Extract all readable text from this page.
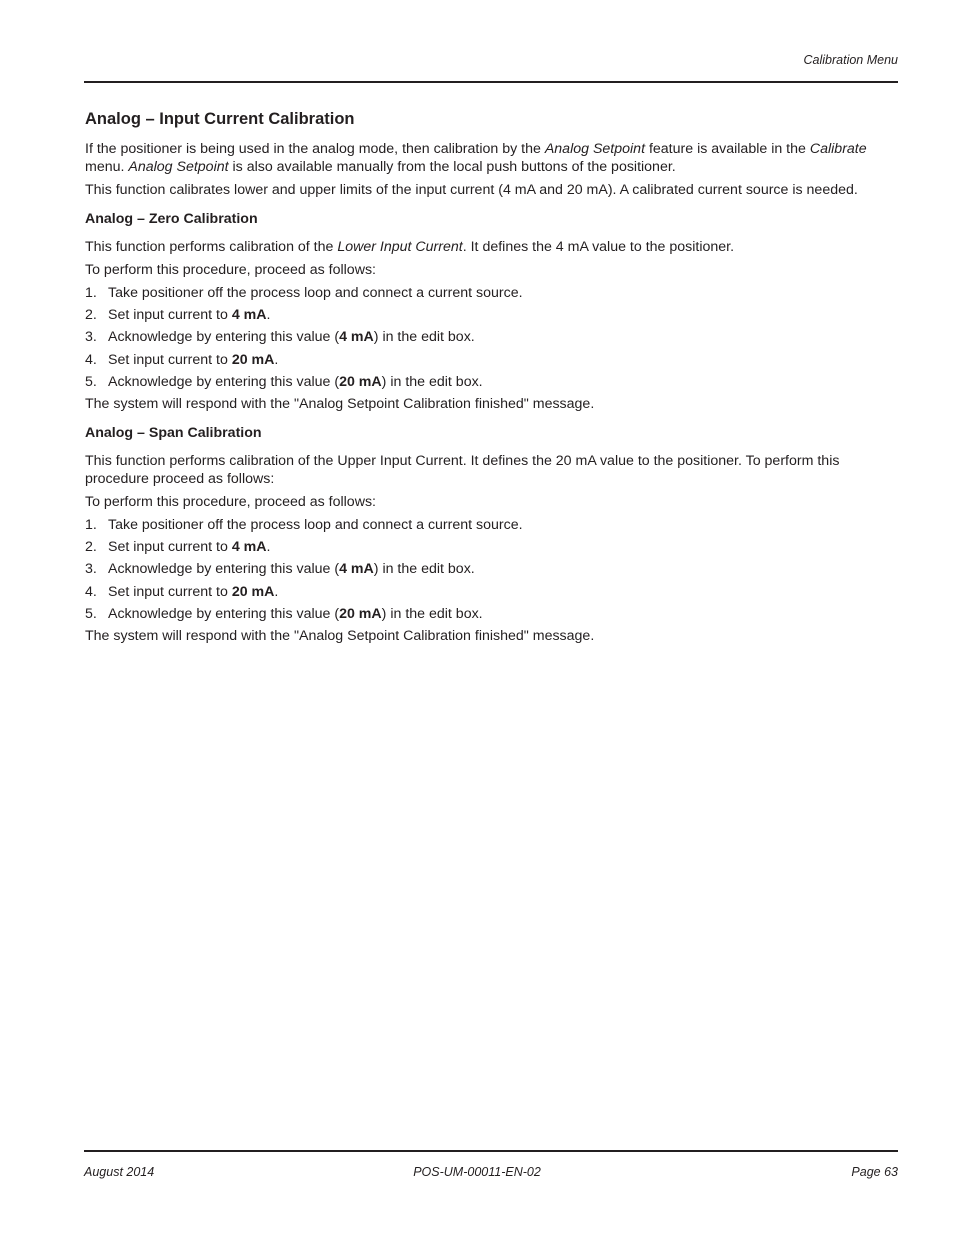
Calibration Menu
Analog – Input Current Calibration

If the positioner is being used in the analog mode, then calibration by the Analog Setpoint feature is available in the Calibrate menu. Analog Setpoint is also available manually from the local push buttons of the positioner.

This function calibrates lower and upper limits of the input current (4 mA and 20 mA). A calibrated current source is needed.

Analog – Zero Calibration

This function performs calibration of the Lower Input Current. It defines the 4 mA value to the positioner.

To perform this procedure, proceed as follows:

1. Take positioner off the process loop and connect a current source.
2. Set input current to 4 mA.
3. Acknowledge by entering this value (4 mA) in the edit box.
4. Set input current to 20 mA.
5. Acknowledge by entering this value (20 mA) in the edit box.

The system will respond with the "Analog Setpoint Calibration finished" message.

Analog – Span Calibration

This function performs calibration of the Upper Input Current. It defines the 20 mA value to the positioner. To perform this procedure proceed as follows:

To perform this procedure, proceed as follows:

1. Take positioner off the process loop and connect a current source.
2. Set input current to 4 mA.
3. Acknowledge by entering this value (4 mA) in the edit box.
4. Set input current to 20 mA.
5. Acknowledge by entering this value (20 mA) in the edit box.

The system will respond with the "Analog Setpoint Calibration finished" message.

August 2014	POS-UM-00011-EN-02	Page 63
